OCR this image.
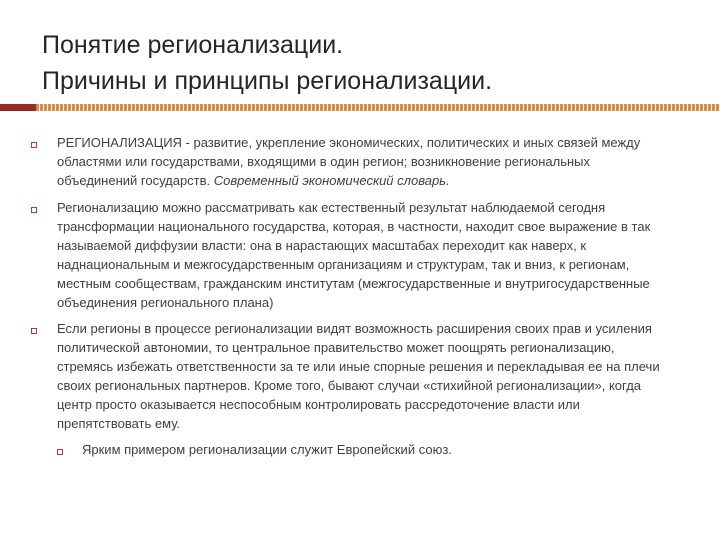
Понятие регионализации.
Причины и принципы регионализации.
РЕГИОНАЛИЗАЦИЯ - развитие, укрепление экономических, политических и иных связей между областями или государствами, входящими в один регион; возникновение региональных объединений государств. Современный экономический словарь.
Регионализацию можно рассматривать как естественный результат наблюдаемой сегодня трансформации национального государства, которая, в частности, находит свое выражение в так называемой диффузии власти: она в нарастающих масштабах переходит как наверх, к наднациональным и межгосударственным организациям и структурам, так и вниз, к регионам, местным сообществам, гражданским институтам (межгосударственные и внутригосударственные объединения регионального плана)
Если регионы в процессе регионализации видят возможность расширения своих прав и усиления политической автономии, то центральное правительство может поощрять регионализацию, стремясь избежать ответственности за те или иные спорные решения и перекладывая ее на плечи своих региональных партнеров. Кроме того, бывают случаи «стихийной регионализации», когда центр просто оказывается неспособным контролировать рассредоточение власти или препятствовать ему.
Ярким примером регионализации служит Европейский союз.
